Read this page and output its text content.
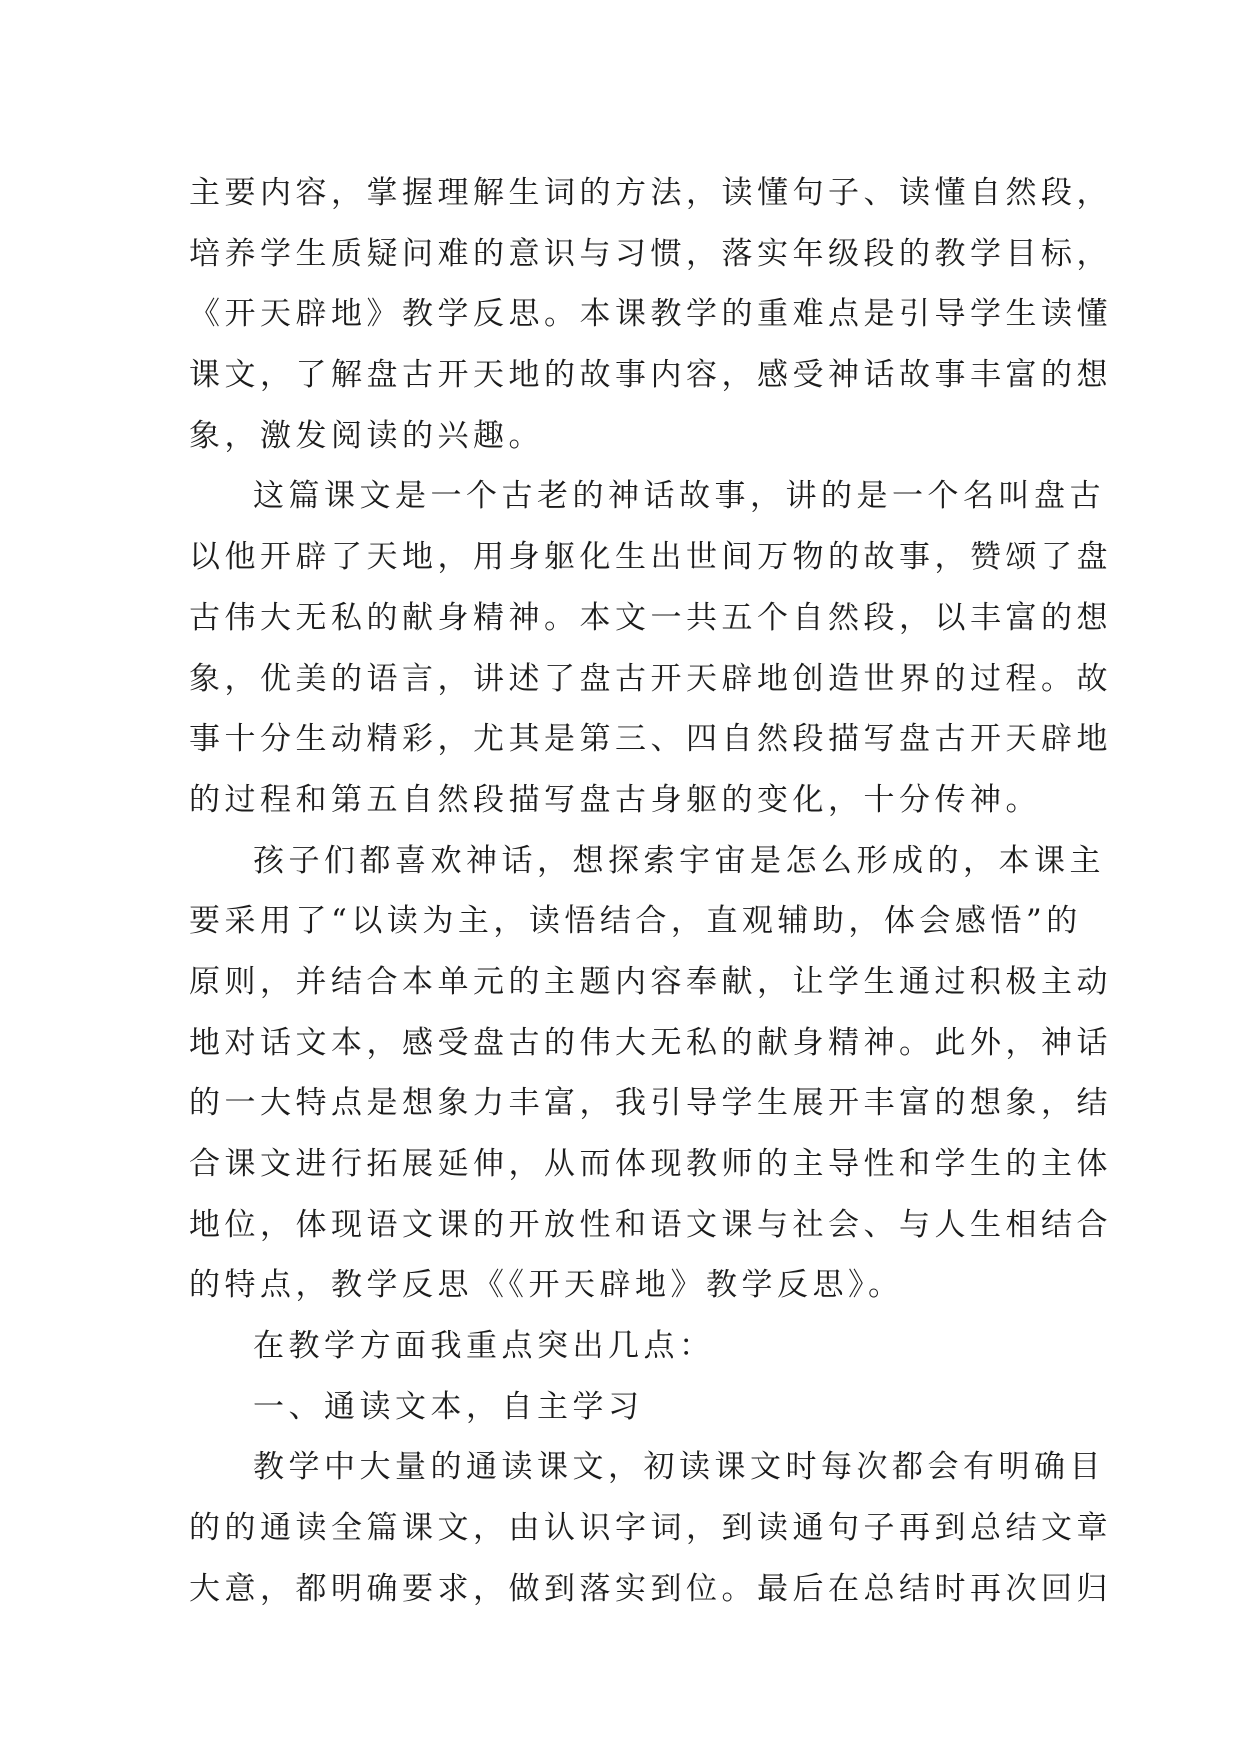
主要内容，掌握理解生词的方法，读懂句子、读懂自然段，
培养学生质疑问难的意识与习惯，落实年级段的教学目标，
《开天辟地》教学反思。本课教学的重难点是引导学生读懂
课文，了解盘古开天地的故事内容，感受神话故事丰富的想
象，激发阅读的兴趣。
这篇课文是一个古老的神话故事，讲的是一个名叫盘古
以他开辟了天地，用身躯化生出世间万物的故事，赞颂了盘
古伟大无私的献身精神。本文一共五个自然段，以丰富的想
象，优美的语言，讲述了盘古开天辟地创造世界的过程。故
事十分生动精彩，尤其是第三、四自然段描写盘古开天辟地
的过程和第五自然段描写盘古身躯的变化，十分传神。
孩子们都喜欢神话，想探索宇宙是怎么形成的，本课主
要采用了“以读为主，读悟结合，直观辅助，体会感悟”的
原则，并结合本单元的主题内容奉献，让学生通过积极主动
地对话文本，感受盘古的伟大无私的献身精神。此外，神话
的一大特点是想象力丰富，我引导学生展开丰富的想象，结
合课文进行拓展延伸，从而体现教师的主导性和学生的主体
地位，体现语文课的开放性和语文课与社会、与人生相结合
的特点，教学反思《《开天辟地》教学反思》。
在教学方面我重点突出几点：
一、通读文本，自主学习
教学中大量的通读课文，初读课文时每次都会有明确目
的的通读全篇课文，由认识字词，到读通句子再到总结文章
大意，都明确要求，做到落实到位。最后在总结时再次回归
